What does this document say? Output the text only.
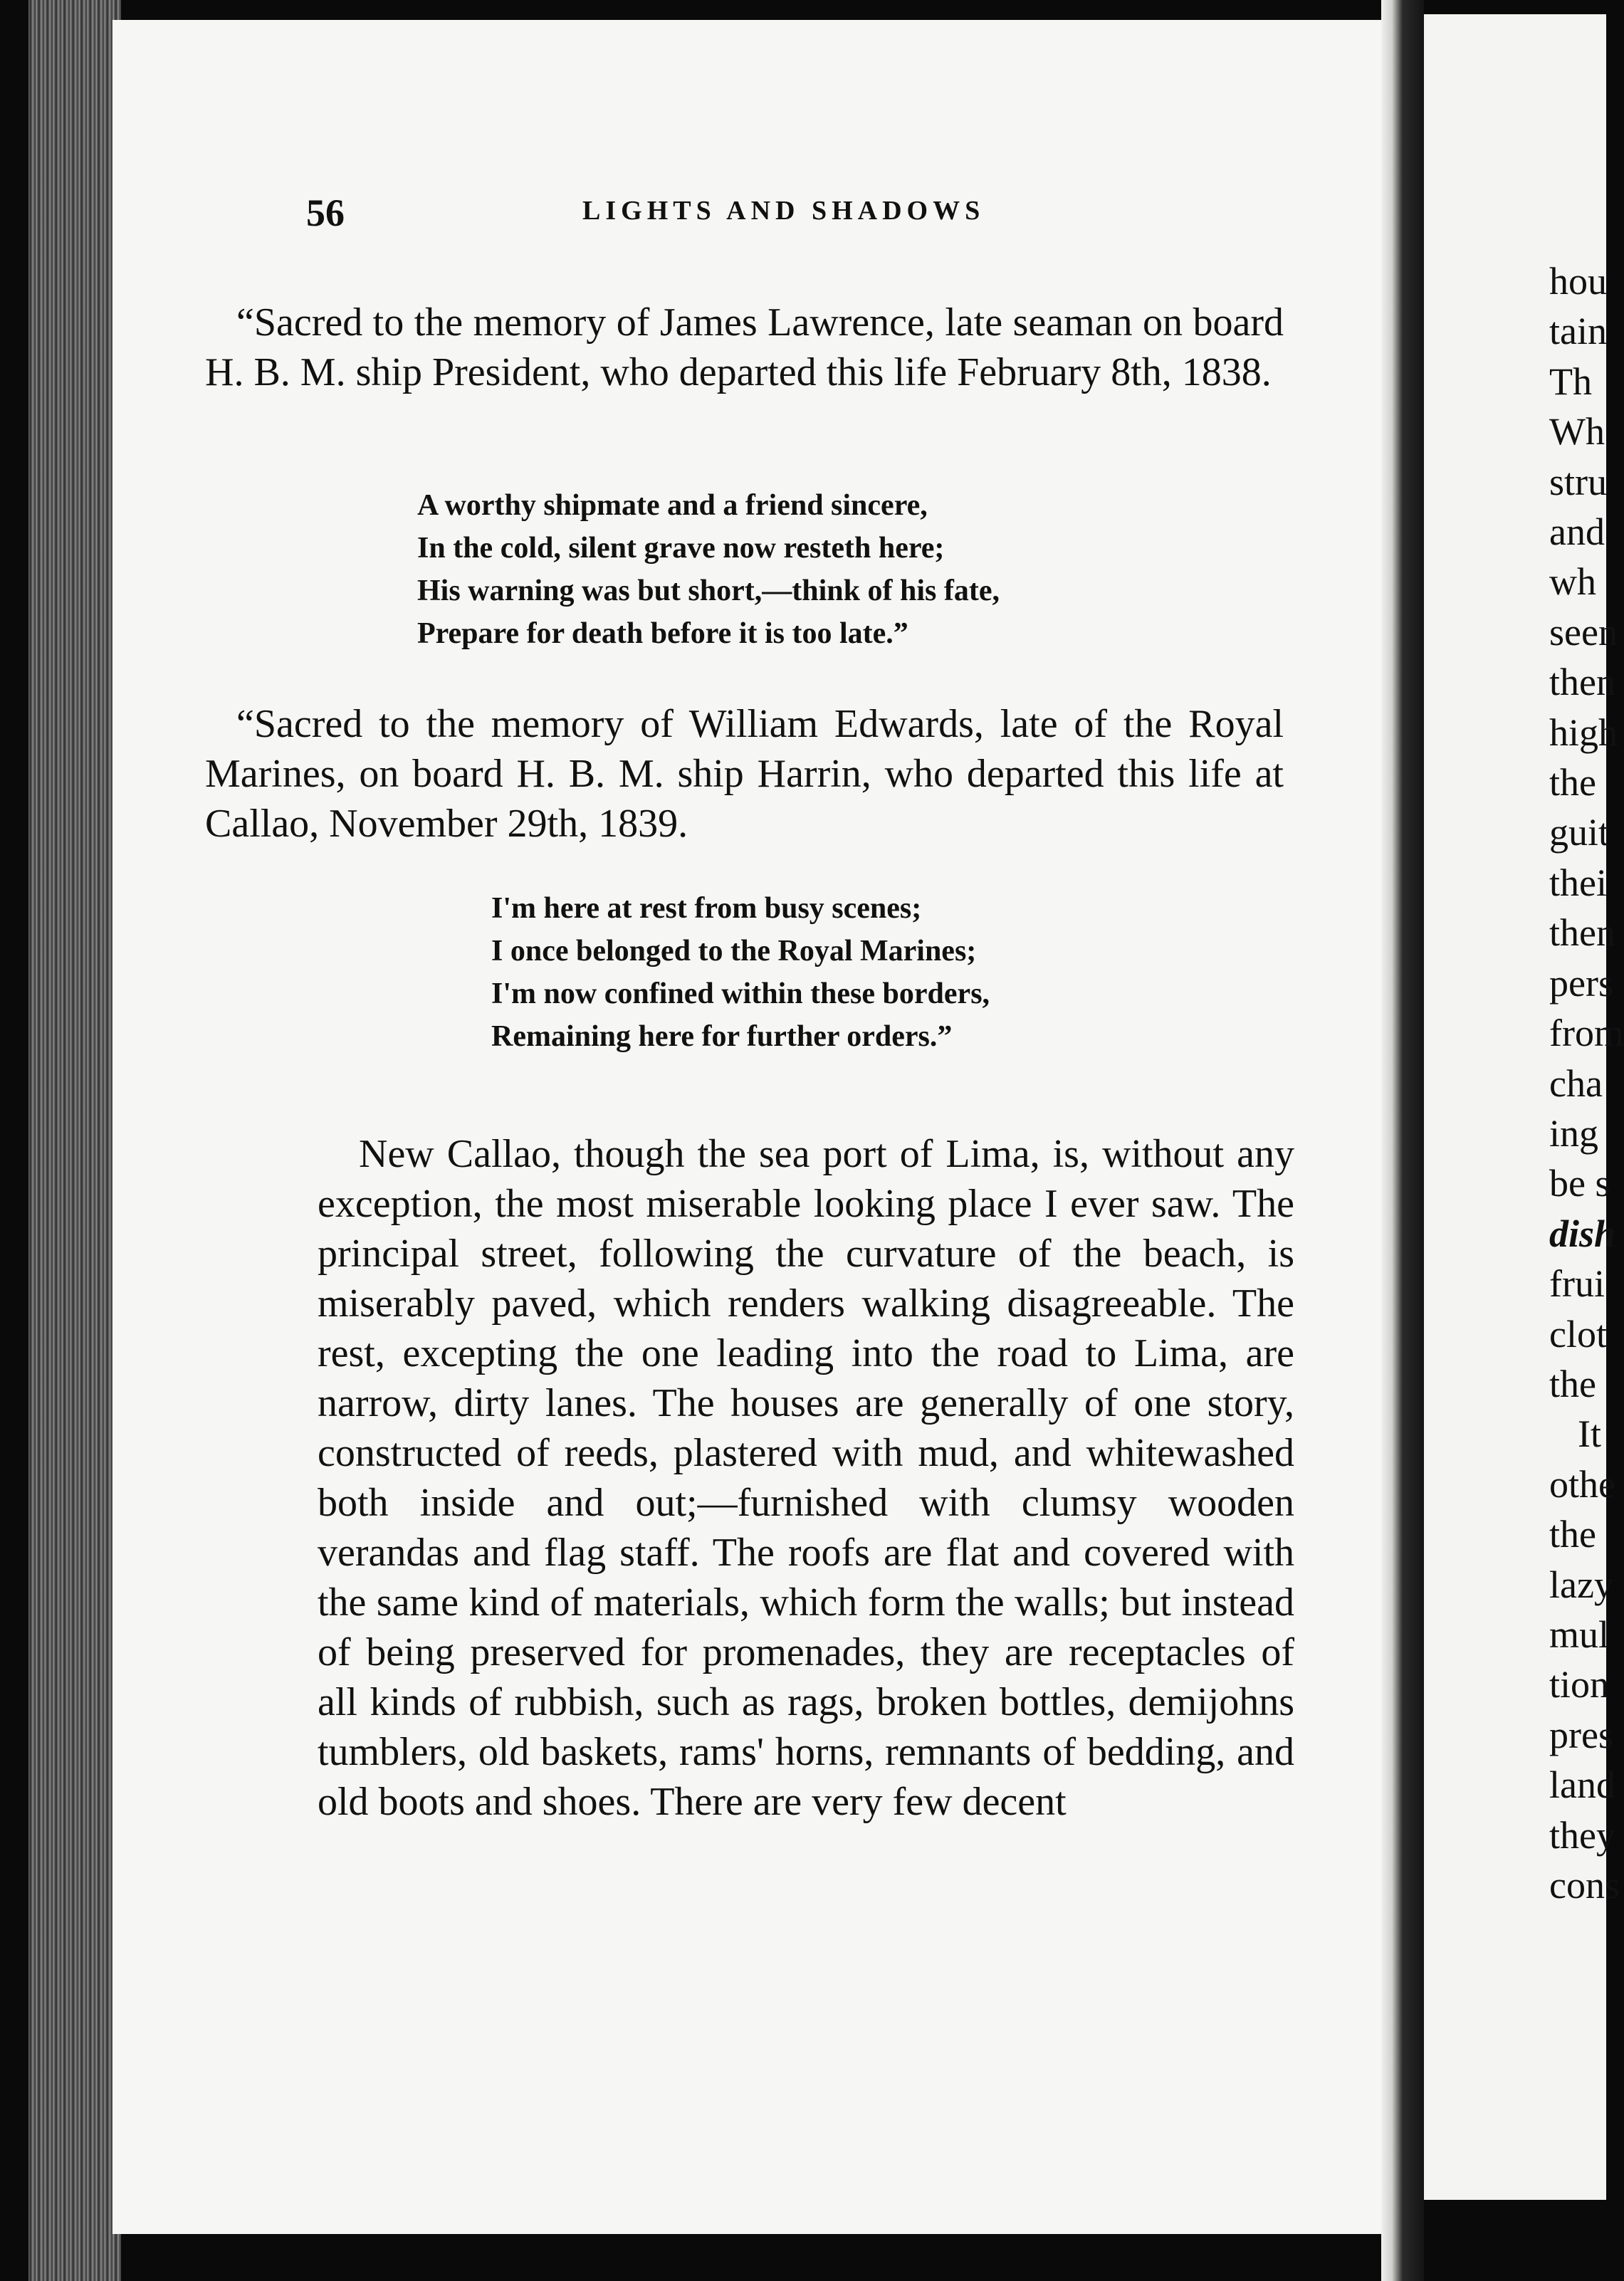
56	LIGHTS AND SHADOWS

“Sacred to the memory of James Lawrence, late seaman on board H. B. M. ship President, who departed this life February 8th, 1838.

A worthy shipmate and a friend sincere,
In the cold, silent grave now resteth here;
His warning was but short,—think of his fate,
Prepare for death before it is too late.”

“Sacred to the memory of William Edwards, late of the Royal Marines, on board H. B. M. ship Harrin, who departed this life at Callao, November 29th, 1839.

I'm here at rest from busy scenes;
I once belonged to the Royal Marines;
I'm now confined within these borders,
Remaining here for further orders.”

New Callao, though the sea port of Lima, is, without any exception, the most miserable looking place I ever saw. The principal street, following the curvature of the beach, is miserably paved, which renders walking disagreeable. The rest, excepting the one leading into the road to Lima, are narrow, dirty lanes. The houses are generally of one story, constructed of reeds, plastered with mud, and whitewashed both inside and out;—furnished with clumsy wooden verandas and flag staff. The roofs are flat and covered with the same kind of materials, which form the walls; but instead of being preserved for promenades, they are receptacles of all kinds of rubbish, such as rags, broken bottles, demijohns tumblers, old baskets, rams' horns, remnants of bedding, and old boots and shoes. There are very few decent

hou
tain
Th
Wh
stru
and
wh
seen
then
high
the
guit
thei
then
pers
from
cha
ing
be s
dish
frui
clot
the
It
othe
the
lazy
mul
tion
pres
land
they
cons
